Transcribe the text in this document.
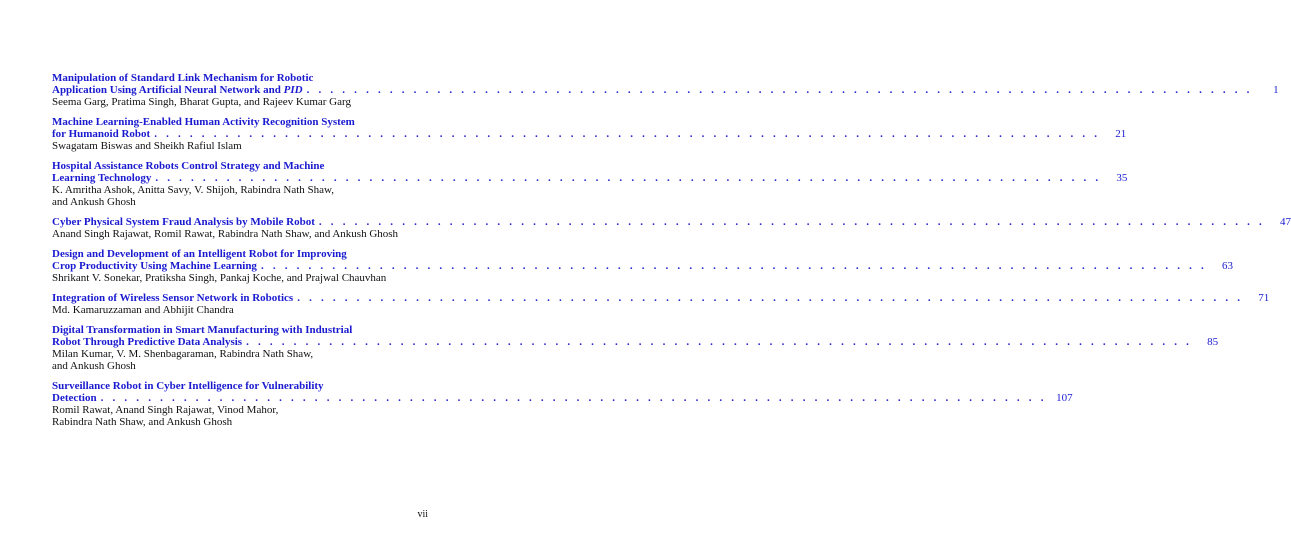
Manipulation of Standard Link Mechanism for Robotic
Application Using Artificial Neural Network and PID . . . . . . . . . . . . . . . . . . . . . . . . . . . . . . . . . . . . . . . . . . . . . . . . . . . . . . . . . . . . . . . . . . . . . . . . . . . . . . . .	1
Seema Garg, Pratima Singh, Bharat Gupta, and Rajeev Kumar Garg
Machine Learning-Enabled Human Activity Recognition System
for Humanoid Robot . . . . . . . . . . . . . . . . . . . . . . . . . . . . . . . . . . . . . . . . . . . . . . . . . . . . . . . . . . . . . . . . . . . . . . . . . . . . . . . .	21
Swagatam Biswas and Sheikh Rafiul Islam
Hospital Assistance Robots Control Strategy and Machine
Learning Technology . . . . . . . . . . . . . . . . . . . . . . . . . . . . . . . . . . . . . . . . . . . . . . . . . . . . . . . . . . . . . . . . . . . . . . . . . . . . . . . .	35
K. Amritha Ashok, Anitta Savy, V. Shijoh, Rabindra Nath Shaw,
and Ankush Ghosh
Cyber Physical System Fraud Analysis by Mobile Robot . . . . . . . . . . . . . . . . . . . . . . . . . . . . . . . . . . . . . . . . . . . . . . . . . . . . . . . . . . . . . . . . . . . . . . . . . . . . . . . .	47
Anand Singh Rajawat, Romil Rawat, Rabindra Nath Shaw, and Ankush Ghosh
Design and Development of an Intelligent Robot for Improving
Crop Productivity Using Machine Learning . . . . . . . . . . . . . . . . . . . . . . . . . . . . . . . . . . . . . . . . . . . . . . . . . . . . . . . . . . . . . . . . . . . . . . . . . . . . . . . .	63
Shrikant V. Sonekar, Pratiksha Singh, Pankaj Koche, and Prajwal Chauvhan
Integration of Wireless Sensor Network in Robotics . . . . . . . . . . . . . . . . . . . . . . . . . . . . . . . . . . . . . . . . . . . . . . . . . . . . . . . . . . . . . . . . . . . . . . . . . . . . . . . .	71
Md. Kamaruzzaman and Abhijit Chandra
Digital Transformation in Smart Manufacturing with Industrial
Robot Through Predictive Data Analysis . . . . . . . . . . . . . . . . . . . . . . . . . . . . . . . . . . . . . . . . . . . . . . . . . . . . . . . . . . . . . . . . . . . . . . . . . . . . . . . .	85
Milan Kumar, V. M. Shenbagaraman, Rabindra Nath Shaw,
and Ankush Ghosh
Surveillance Robot in Cyber Intelligence for Vulnerability
Detection . . . . . . . . . . . . . . . . . . . . . . . . . . . . . . . . . . . . . . . . . . . . . . . . . . . . . . . . . . . . . . . . . . . . . . . . . . . . . . . . 107
Romil Rawat, Anand Singh Rajawat, Vinod Mahor,
Rabindra Nath Shaw, and Ankush Ghosh
vii
